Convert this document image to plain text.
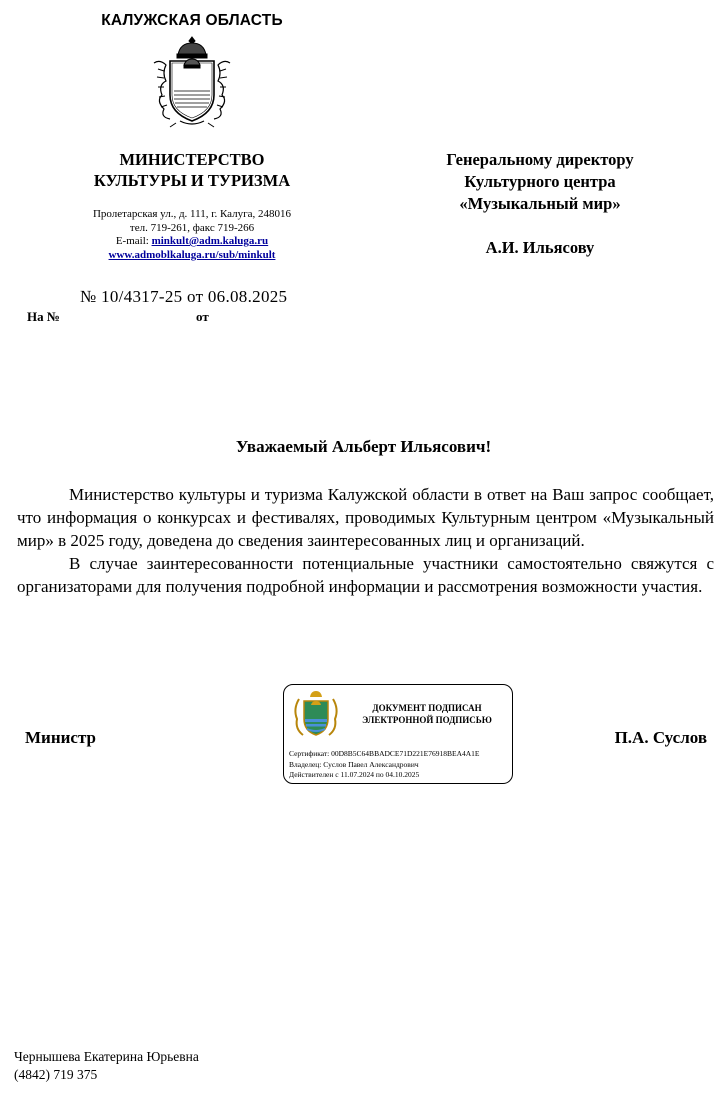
КАЛУЖСКАЯ ОБЛАСТЬ
МИНИСТЕРСТВО
КУЛЬТУРЫ И ТУРИЗМА
Пролетарская ул., д. 111, г. Калуга, 248016
тел. 719-261, факс 719-266
E-mail: minkult@adm.kaluga.ru
www.admoblkaluga.ru/sub/minkult
№ 10/4317-25 от 06.08.2025
На №	от
Генеральному директору
Культурного центра
«Музыкальный мир»
А.И. Ильясову
Уважаемый Альберт Ильясович!

Министерство культуры и туризма Калужской области в ответ на Ваш запрос сообщает, что информация о конкурсах и фестивалях, проводимых Культурным центром «Музыкальный мир» в 2025 году, доведена до сведения заинтересованных лиц и организаций.

В случае заинтересованности потенциальные участники самостоятельно свяжутся с организаторами для получения подробной информации и рассмотрения возможности участия.

Министр
ДОКУМЕНТ ПОДПИСАН
ЭЛЕКТРОННОЙ ПОДПИСЬЮ
Сертификат: 00D8B5C64BBADCE71D221E76918BEA4A1E
Владелец: Суслов Павел Александрович
Действителен с 11.07.2024 по 04.10.2025
П.А. Суслов
Чернышева Екатерина Юрьевна
(4842) 719 375
